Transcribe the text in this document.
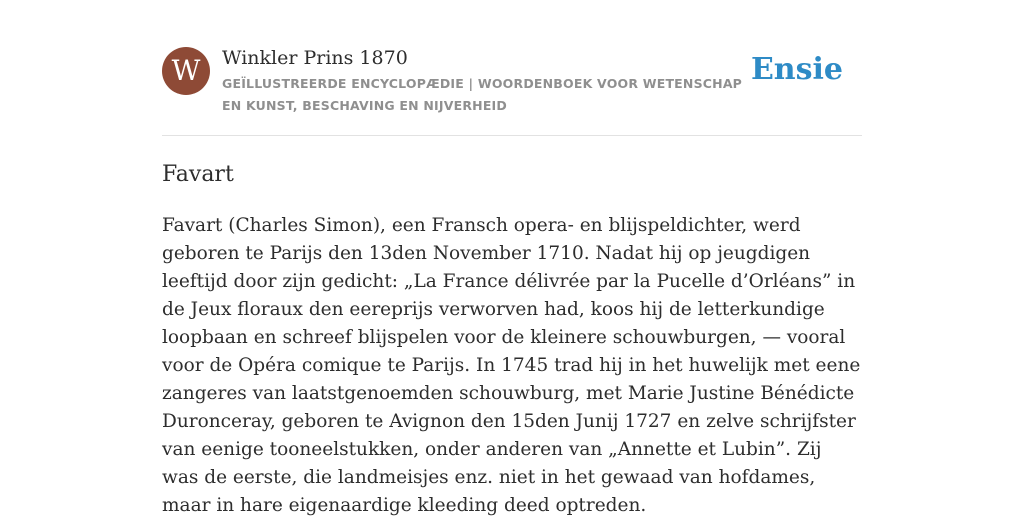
W	Winkler Prins 1870
GEÏLLUSTREERDE ENCYCLOPÆDIE | WOORDENBOEK VOOR WETENSCHAP EN KUNST, BESCHAVING EN NIJVERHEID
Ensie
Favart

Favart (Charles Simon), een Fransch opera- en blijspeldichter, werd geboren te Parijs den 13den November 1710. Nadat hij op jeugdigen leeftijd door zijn gedicht: „La France délivrée par la Pucelle d’Orléans” in de Jeux floraux den eereprijs verworven had, koos hij de letterkundige loopbaan en schreef blijspelen voor de kleinere schouwburgen, — vooral voor de Opéra comique te Parijs. In 1745 trad hij in het huwelijk met eene zangeres van laatstgenoemden schouwburg, met Marie Justine Bénédicte Duronceray, geboren te Avignon den 15den Junij 1727 en zelve schrijfster van eenige tooneelstukken, onder anderen van „Annette et Lubin”. Zij was de eerste, die landmeisjes enz. niet in het gewaad van hofdames, maar in hare eigenaardige kleeding deed optreden.
